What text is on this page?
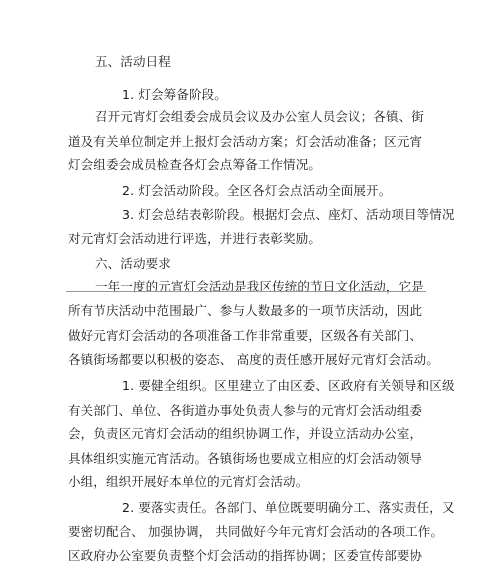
五、活动日程
1. 灯会筹备阶段。
召开元宵灯会组委会成员会议及办公室人员会议；各镇、街
道及有关单位制定并上报灯会活动方案；灯会活动准备；区元宵
灯会组委会成员检查各灯会点筹备工作情况。
2. 灯会活动阶段。全区各灯会点活动全面展开。
3. 灯会总结表彰阶段。根据灯会点、座灯、活动项目等情况
对元宵灯会活动进行评选，并进行表彰奖励。
六、活动要求
一年一度的元宵灯会活动是我区传统的节日文化活动，它是
所有节庆活动中范围最广、参与人数最多的一项节庆活动，因此
做好元宵灯会活动的各项准备工作非常重要，区级各有关部门、
各镇街场都要以积极的姿态、 高度的责任感开展好元宵灯会活动。
1. 要健全组织。区里建立了由区委、区政府有关领导和区级
有关部门、单位、各街道办事处负责人参与的元宵灯会活动组委
会，负责区元宵灯会活动的组织协调工作，并设立活动办公室，
具体组织实施元宵活动。各镇街场也要成立相应的灯会活动领导
小组，组织开展好本单位的元宵灯会活动。
2. 要落实责任。各部门、单位既要明确分工、落实责任，又
要密切配合、 加强协调， 共同做好今年元宵灯会活动的各项工作。
区政府办公室要负责整个灯会活动的指挥协调；区委宣传部要协
